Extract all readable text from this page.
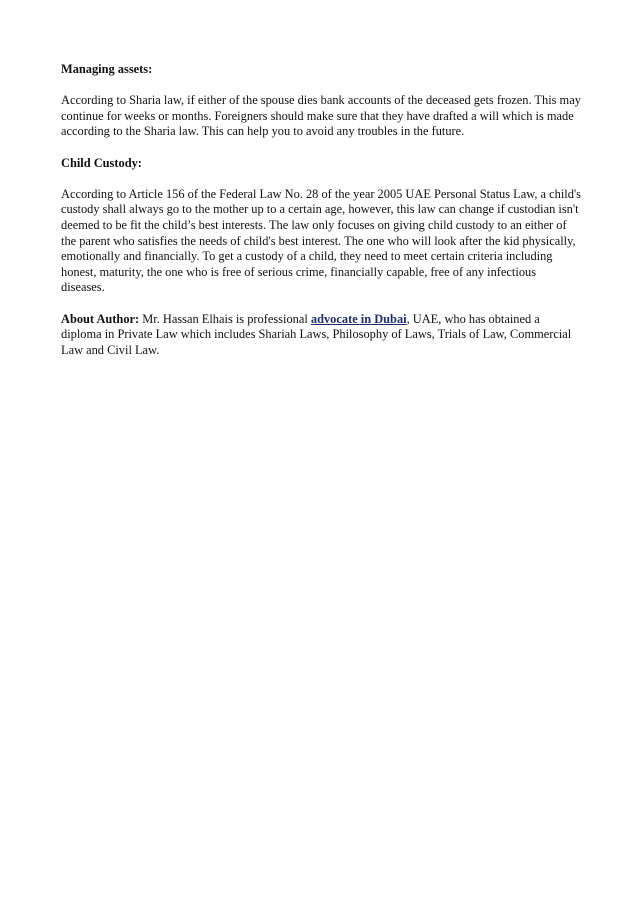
Managing assets:

According to Sharia law, if either of the spouse dies bank accounts of the deceased gets frozen. This may continue for weeks or months. Foreigners should make sure that they have drafted a will which is made according to the Sharia law. This can help you to avoid any troubles in the future.

Child Custody:

According to Article 156 of the Federal Law No. 28 of the year 2005 UAE Personal Status Law, a child's custody shall always go to the mother up to a certain age, however, this law can change if custodian isn't deemed to be fit the child’s best interests. The law only focuses on giving child custody to an either of the parent who satisfies the needs of child's best interest. The one who will look after the kid physically, emotionally and financially. To get a custody of a child, they need to meet certain criteria including honest, maturity, the one who is free of serious crime, financially capable, free of any infectious diseases.

About Author: Mr. Hassan Elhais is professional advocate in Dubai, UAE, who has obtained a diploma in Private Law which includes Shariah Laws, Philosophy of Laws, Trials of Law, Commercial Law and Civil Law.
